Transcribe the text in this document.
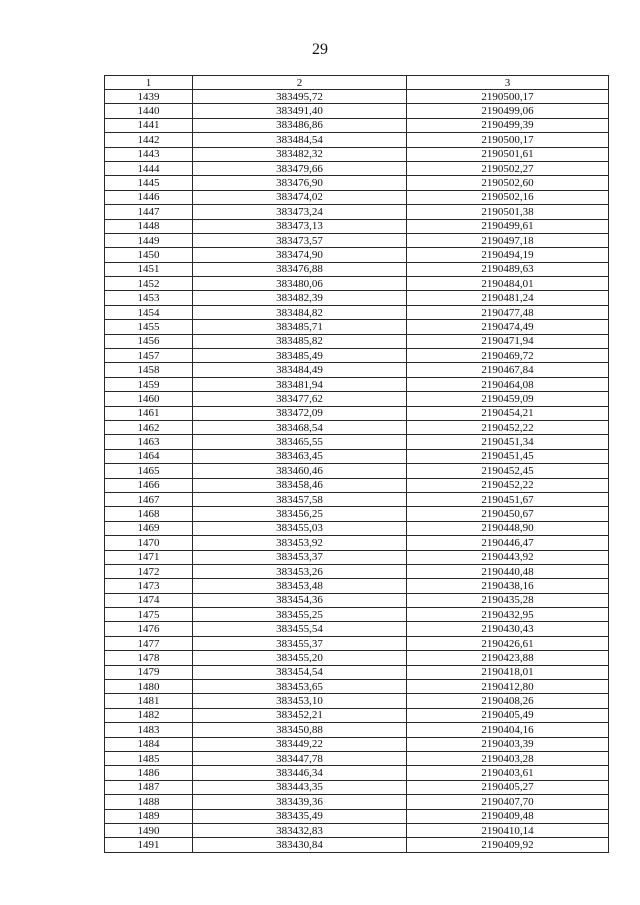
29
1	2	3
1439	383495,72	2190500,17
1440	383491,40	2190499,06
1441	383486,86	2190499,39
1442	383484,54	2190500,17
1443	383482,32	2190501,61
1444	383479,66	2190502,27
1445	383476,90	2190502,60
1446	383474,02	2190502,16
1447	383473,24	2190501,38
1448	383473,13	2190499,61
1449	383473,57	2190497,18
1450	383474,90	2190494,19
1451	383476,88	2190489,63
1452	383480,06	2190484,01
1453	383482,39	2190481,24
1454	383484,82	2190477,48
1455	383485,71	2190474,49
1456	383485,82	2190471,94
1457	383485,49	2190469,72
1458	383484,49	2190467,84
1459	383481,94	2190464,08
1460	383477,62	2190459,09
1461	383472,09	2190454,21
1462	383468,54	2190452,22
1463	383465,55	2190451,34
1464	383463,45	2190451,45
1465	383460,46	2190452,45
1466	383458,46	2190452,22
1467	383457,58	2190451,67
1468	383456,25	2190450,67
1469	383455,03	2190448,90
1470	383453,92	2190446,47
1471	383453,37	2190443,92
1472	383453,26	2190440,48
1473	383453,48	2190438,16
1474	383454,36	2190435,28
1475	383455,25	2190432,95
1476	383455,54	2190430,43
1477	383455,37	2190426,61
1478	383455,20	2190423,88
1479	383454,54	2190418,01
1480	383453,65	2190412,80
1481	383453,10	2190408,26
1482	383452,21	2190405,49
1483	383450,88	2190404,16
1484	383449,22	2190403,39
1485	383447,78	2190403,28
1486	383446,34	2190403,61
1487	383443,35	2190405,27
1488	383439,36	2190407,70
1489	383435,49	2190409,48
1490	383432,83	2190410,14
1491	383430,84	2190409,92
